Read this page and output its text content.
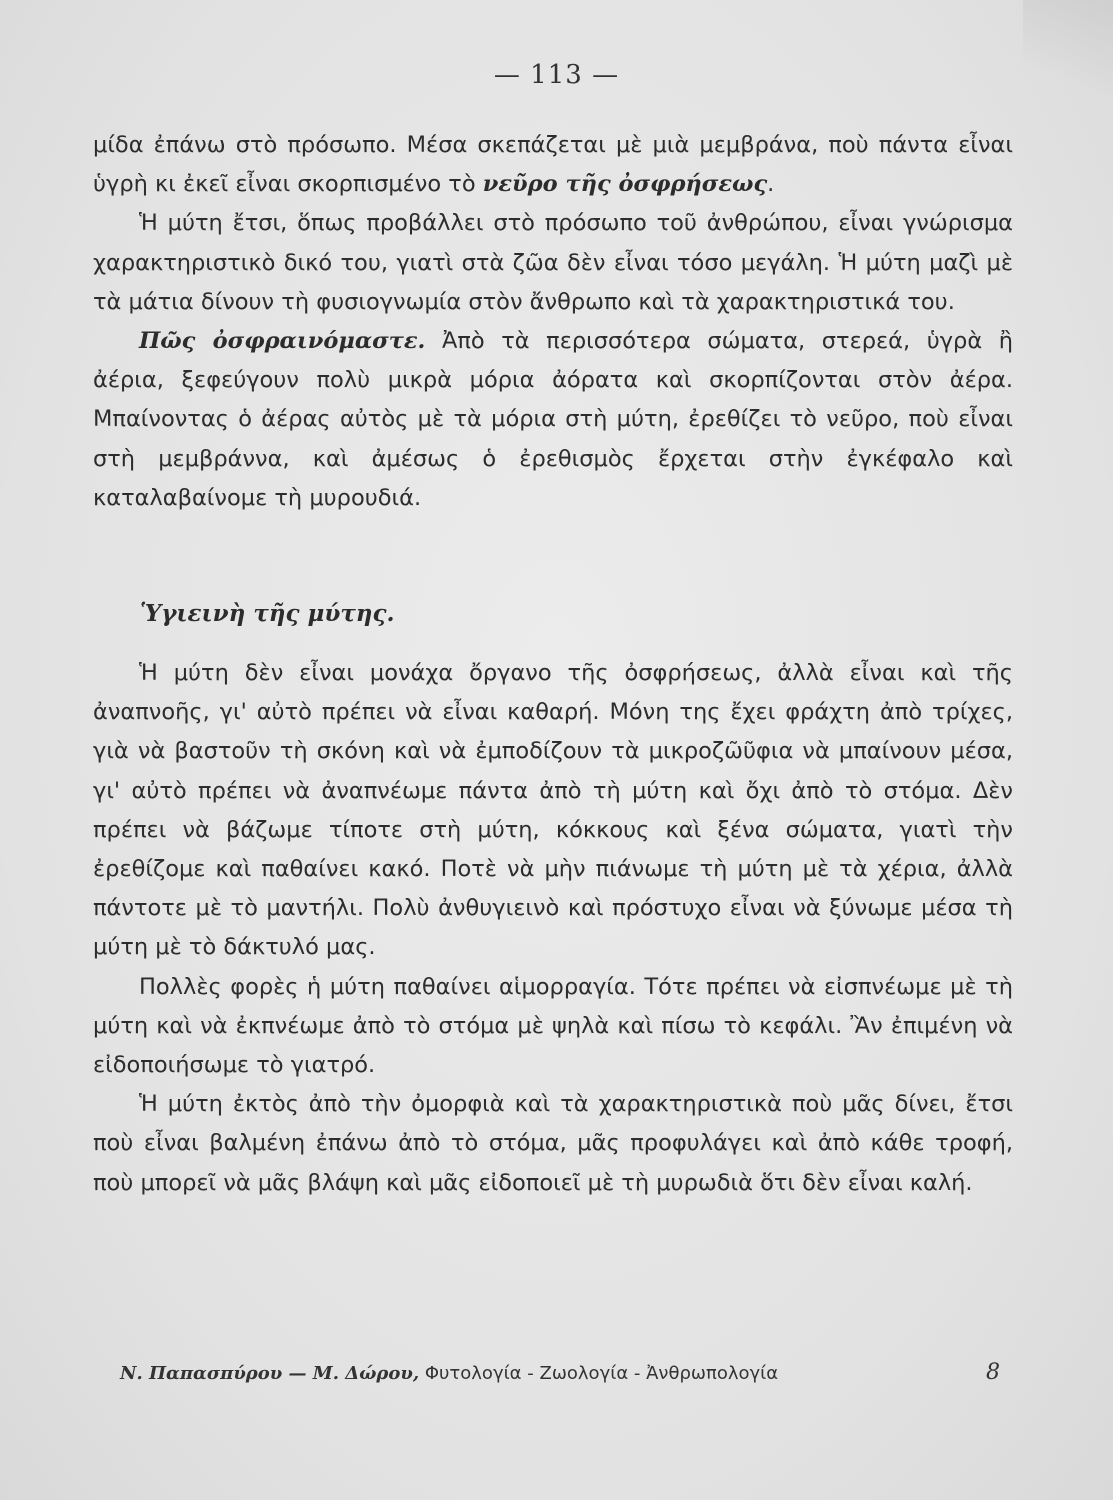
— 113 —

μίδα ἐπάνω στὸ πρόσωπο. Μέσα σκεπάζεται μὲ μιὰ μεμβράνα, ποὺ πάντα εἶναι ὑγρὴ κι ἐκεῖ εἶναι σκορπισμένο τὸ νεῦρο τῆς ὀσφρήσεως.

Ἡ μύτη ἔτσι, ὅπως προβάλλει στὸ πρόσωπο τοῦ ἀνθρώπου, εἶναι γνώρισμα χαρακτηριστικὸ δικό του, γιατὶ στὰ ζῶα δὲν εἶναι τόσο μεγάλη. Ἡ μύτη μαζὶ μὲ τὰ μάτια δίνουν τὴ φυσιογνωμία στὸν ἄνθρωπο καὶ τὰ χαρακτηριστικά του.

Πῶς ὀσφραινόμαστε. Ἀπὸ τὰ περισσότερα σώματα, στερεά, ὑγρὰ ἢ ἀέρια, ξεφεύγουν πολὺ μικρὰ μόρια ἀόρατα καὶ σκορπίζονται στὸν ἀέρα. Μπαίνοντας ὁ ἀέρας αὐτὸς μὲ τὰ μόρια στὴ μύτη, ἐρεθίζει τὸ νεῦρο, ποὺ εἶναι στὴ μεμβράννα, καὶ ἀμέσως ὁ ἐρεθισμὸς ἔρχεται στὴν ἐγκέφαλο καὶ καταλαβαίνομε τὴ μυρουδιά.

Ὑγιεινὴ τῆς μύτης.

Ἡ μύτη δὲν εἶναι μονάχα ὄργανο τῆς ὀσφρήσεως, ἀλλὰ εἶναι καὶ τῆς ἀναπνοῆς, γι' αὐτὸ πρέπει νὰ εἶναι καθαρή. Μόνη της ἔχει φράχτη ἀπὸ τρίχες, γιὰ νὰ βαστοῦν τὴ σκόνη καὶ νὰ ἐμποδίζουν τὰ μικροζῶῦφια νὰ μπαίνουν μέσα, γι' αὐτὸ πρέπει νὰ ἀναπνέωμε πάντα ἀπὸ τὴ μύτη καὶ ὄχι ἀπὸ τὸ στόμα. Δὲν πρέπει νὰ βάζωμε τίποτε στὴ μύτη, κόκκους καὶ ξένα σώματα, γιατὶ τὴν ἐρεθίζομε καὶ παθαίνει κακό. Ποτὲ νὰ μὴν πιάνωμε τὴ μύτη μὲ τὰ χέρια, ἀλλὰ πάντοτε μὲ τὸ μαντήλι. Πολὺ ἀνθυγιεινὸ καὶ πρόστυχο εἶναι νὰ ξύνωμε μέσα τὴ μύτη μὲ τὸ δάκτυλό μας.

Πολλὲς φορὲς ἡ μύτη παθαίνει αἱμορραγία. Τότε πρέπει νὰ εἰσπνέωμε μὲ τὴ μύτη καὶ νὰ ἐκπνέωμε ἀπὸ τὸ στόμα μὲ ψηλὰ καὶ πίσω τὸ κεφάλι. Ἂν ἐπιμένη νὰ εἰδοποιήσωμε τὸ γιατρό.

Ἡ μύτη ἐκτὸς ἀπὸ τὴν ὀμορφιὰ καὶ τὰ χαρακτηριστικὰ ποὺ μᾶς δίνει, ἔτσι ποὺ εἶναι βαλμένη ἐπάνω ἀπὸ τὸ στόμα, μᾶς προφυλάγει καὶ ἀπὸ κάθε τροφή, ποὺ μπορεῖ νὰ μᾶς βλάψη καὶ μᾶς εἰδοποιεῖ μὲ τὴ μυρωδιὰ ὅτι δὲν εἶναι καλή.

Ν. Παπασπύρου — Μ. Δώρου, Φυτολογία - Ζωολογία - Ἀνθρωπολογία	8
